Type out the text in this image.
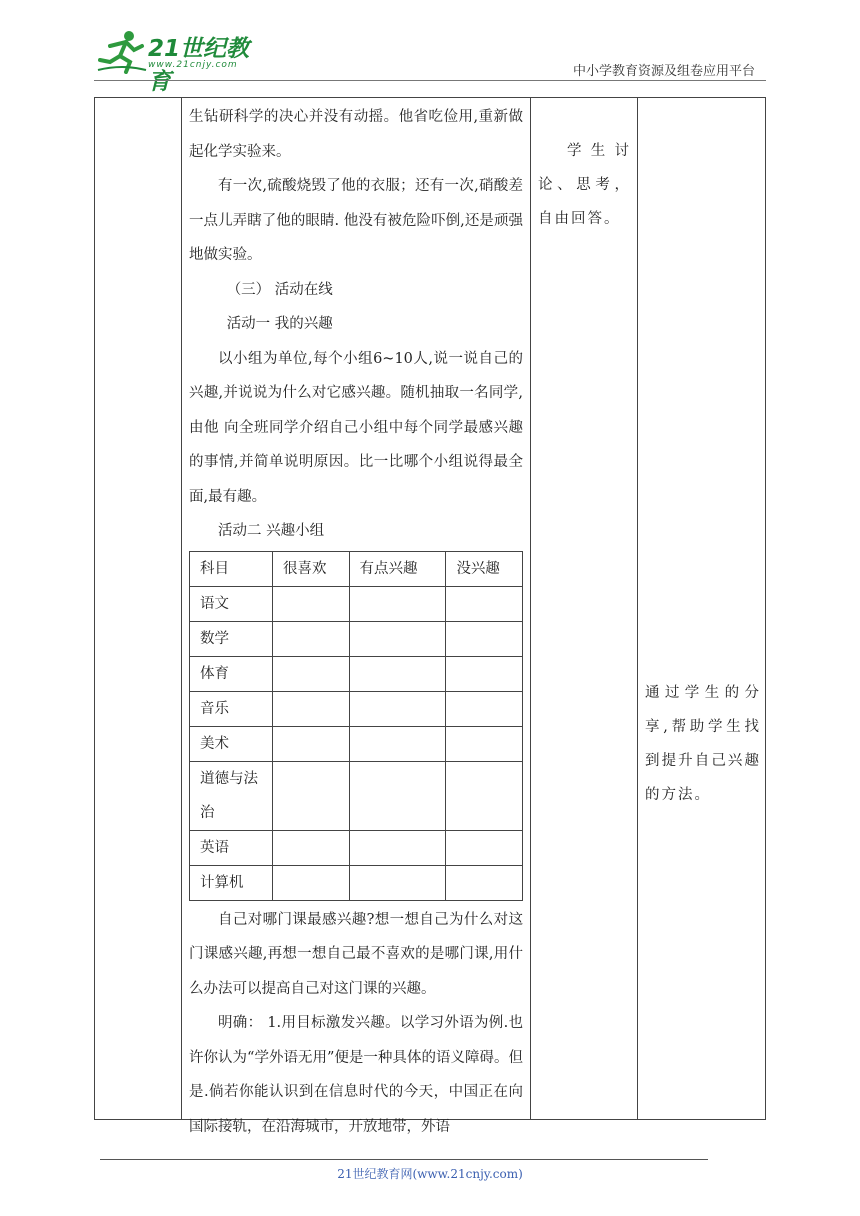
21世纪教育
www.21cnjy.com	中小学教育资源及组卷应用平台

生钻研科学的决心并没有动摇。他省吃俭用,重新做起化学实验来。

有一次,硫酸烧毁了他的衣服；还有一次,硝酸差一点儿弄瞎了他的眼睛. 他没有被危险吓倒,还是顽强地做实验。

（三） 活动在线

活动一 我的兴趣

以小组为单位,每个小组6~10人,说一说自己的兴趣,并说说为什么对它感兴趣。随机抽取一名同学,由他 向全班同学介绍自己小组中每个同学最感兴趣的事情,并简单说明原因。比一比哪个小组说得最全面,最有趣。

活动二 兴趣小组

科目	很喜欢	有点兴趣	没兴趣
语文			
数学			
体育			
音乐			
美术			
道德与法治			
英语			
计算机			

自己对哪门课最感兴趣?想一想自己为什么对这门课感兴趣,再想一想自己最不喜欢的是哪门课,用什么办法可以提高自己对这门课的兴趣。

明确： 1.用目标激发兴趣。以学习外语为例.也许你认为“学外语无用”便是一种具体的语义障碍。但是.倘若你能认识到在信息时代的今天，中国正在向国际接轨，在沿海城市，开放地带，外语

学生讨论、思考，自由回答。

通过学生的分享,帮助学生找到提升自己兴趣的方法。

21世纪教育网(www.21cnjy.com)
